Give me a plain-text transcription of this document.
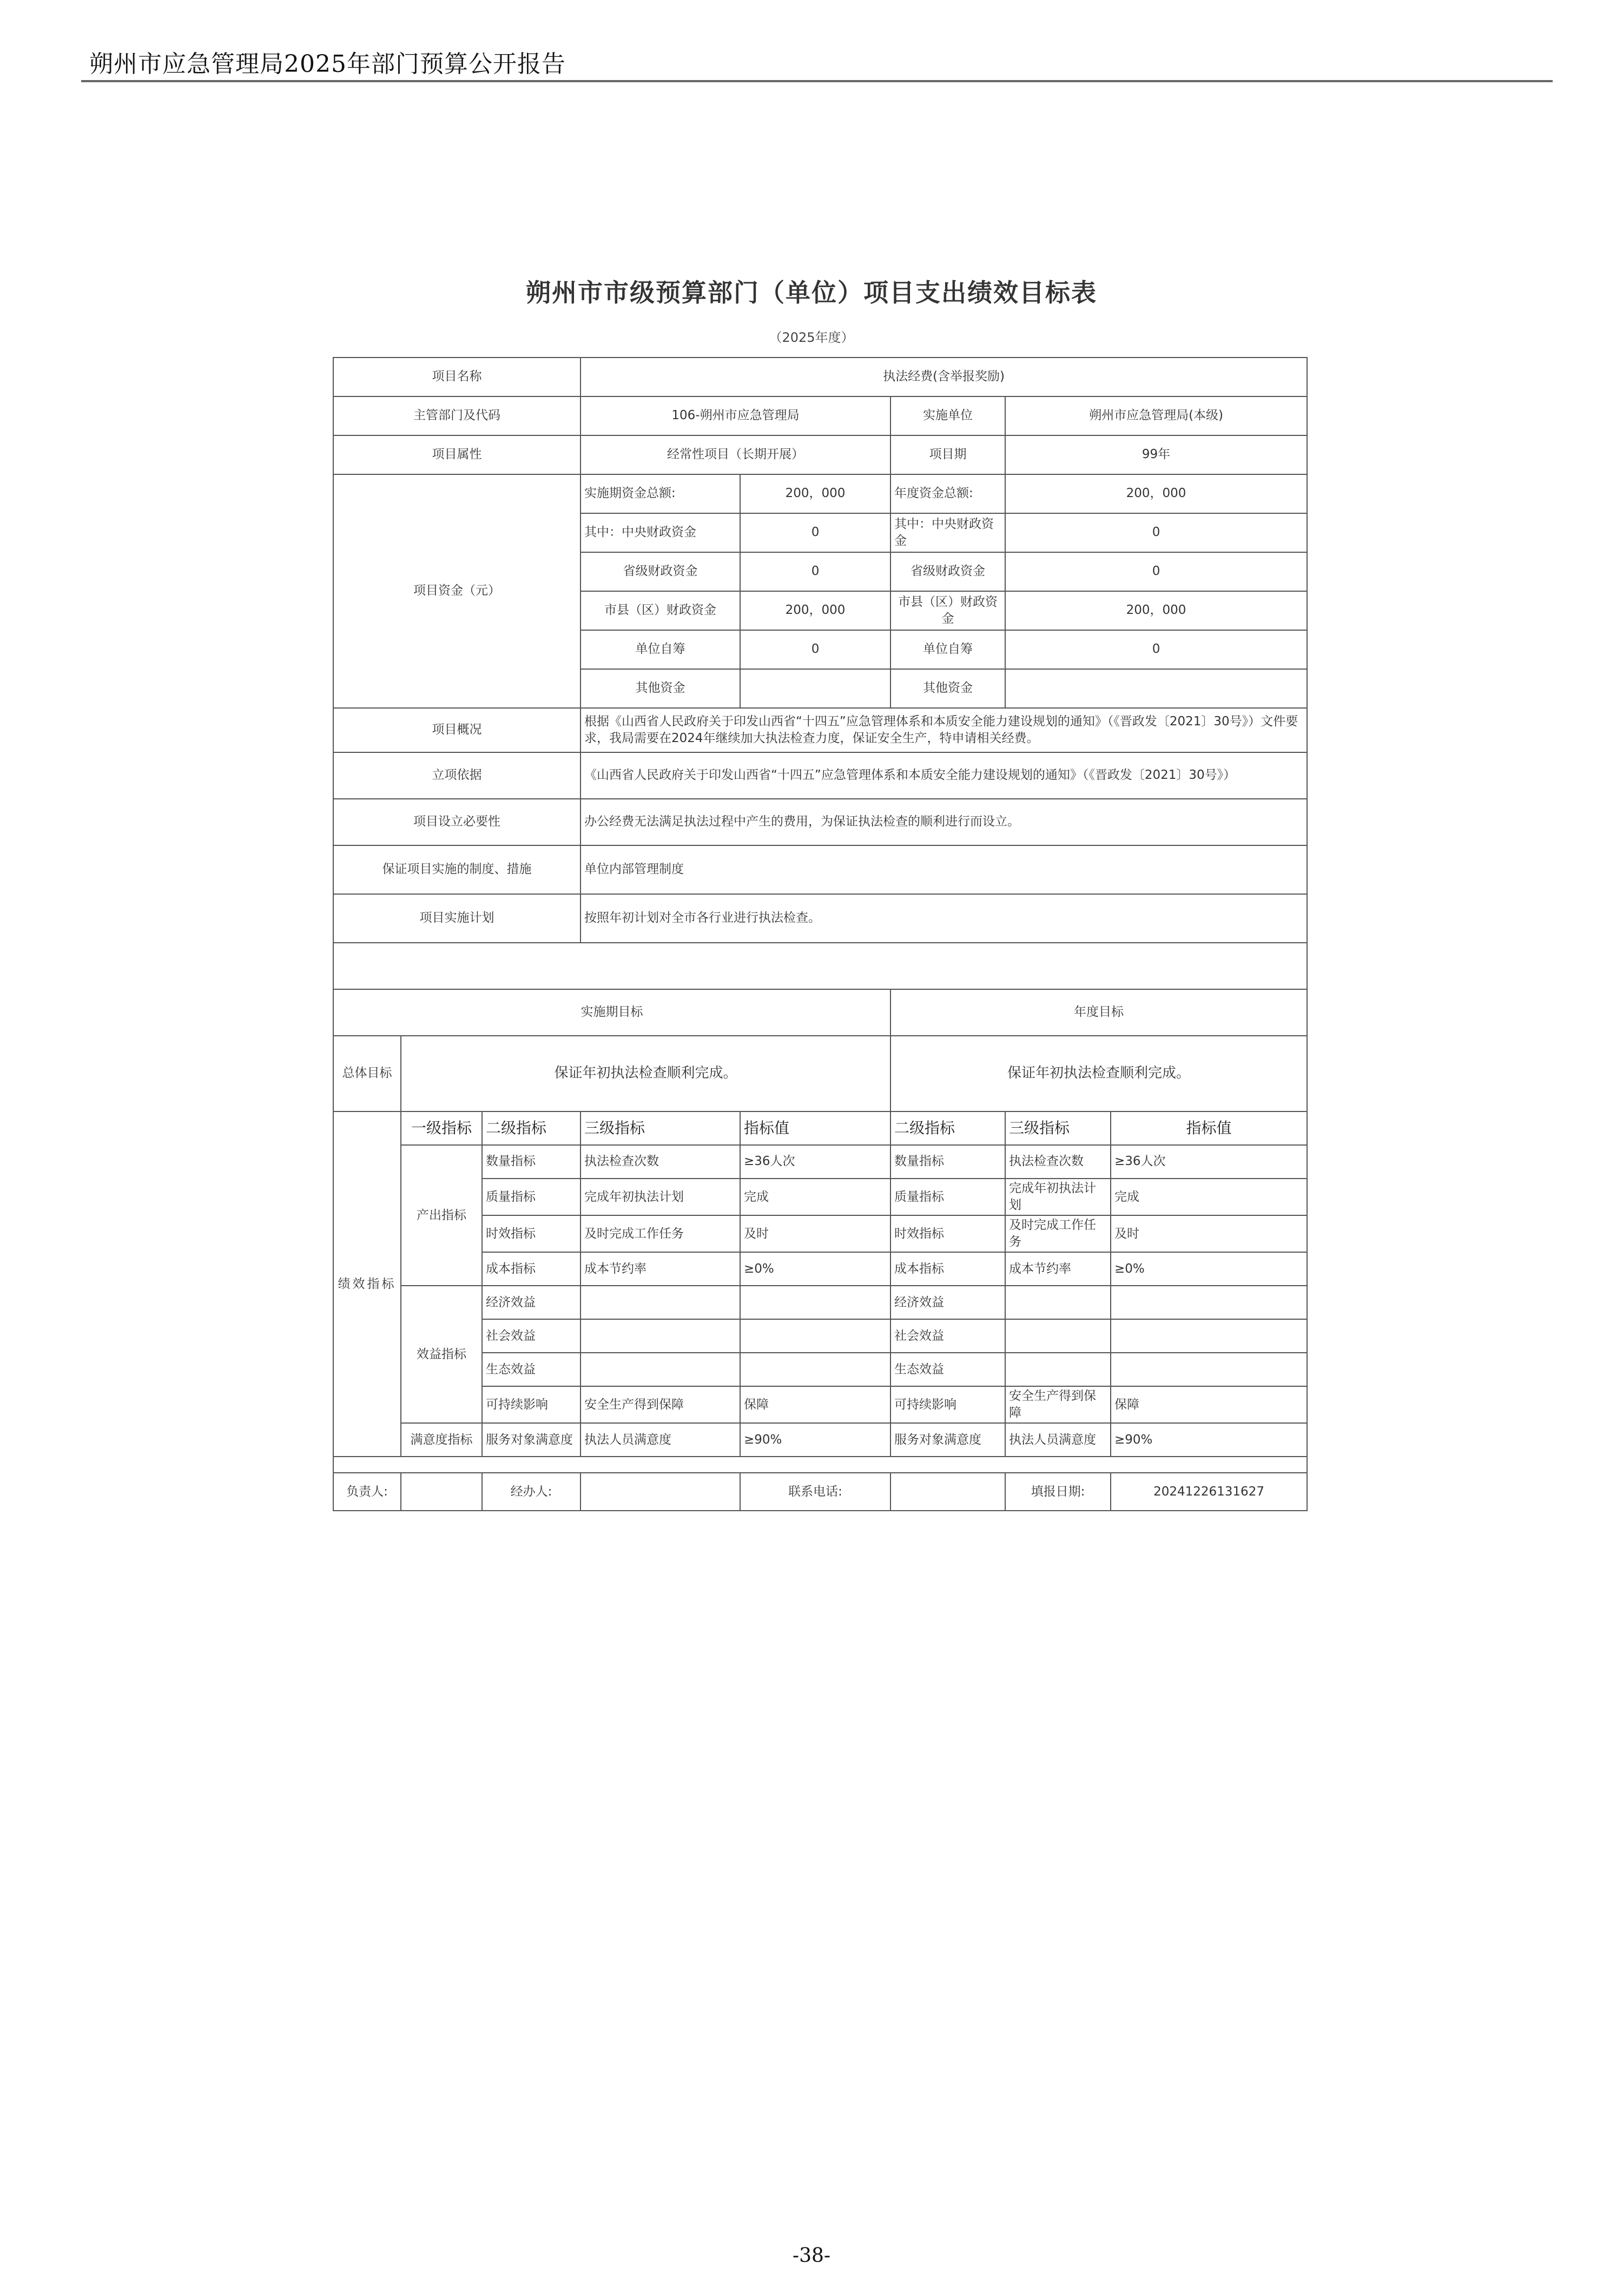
朔州市应急管理局2025年部门预算公开报告
朔州市市级预算部门（单位）项目支出绩效目标表
（2025年度）
项目名称			执法经费(含举报奖励)				
主管部门及代码			106-朔州市应急管理局		实施单位	朔州市应急管理局(本级)	
项目属性			经常性项目（长期开展）		项目期	99年	
项目资金（元）			实施期资金总额:	200，000	年度资金总额:	200，000	
			其中：中央财政资金	0	其中：中央财政资金	0	
			省级财政资金	0	省级财政资金	0	
			市县（区）财政资金	200，000	市县（区）财政资金	200，000	
			单位自筹	0	单位自筹	0	
			其他资金		其他资金		
项目概况			根据《山西省人民政府关于印发山西省“十四五”应急管理体系和本质安全能力建设规划的通知》（《晋政发〔2021〕30号》）文件要求，我局需要在2024年继续加大执法检查力度，保证安全生产，特申请相关经费。				

立项依据			《山西省人民政府关于印发山西省“十四五”应急管理体系和本质安全能力建设规划的通知》（《晋政发〔2021〕30号》）				

项目设立必要性			办公经费无法满足执法过程中产生的费用，为保证执法检查的顺利进行而设立。				
保证项目实施的制度、措施			单位内部管理制度				
项目实施计划			按照年初计划对全市各行业进行执法检查。				

实施期目标					年度目标		
总体目标	保证年初执法检查顺利完成。				保证年初执法检查顺利完成。		
绩效指标	一级指标	二级指标	三级指标	指标值	二级指标	三级指标	指标值
	产出指标	数量指标	执法检查次数	≥36人次	数量指标	执法检查次数	≥36人次
		质量指标	完成年初执法计划	完成	质量指标	完成年初执法计划	完成
		时效指标	及时完成工作任务	及时	时效指标	及时完成工作任务	及时
		成本指标	成本节约率	≥0%	成本指标	成本节约率	≥0%
	效益指标	经济效益			经济效益		
		社会效益			社会效益		
		生态效益			生态效益		
		可持续影响	安全生产得到保障	保障	可持续影响	安全生产得到保障	保障
	满意度指标	服务对象满意度	执法人员满意度	≥90%	服务对象满意度	执法人员满意度	≥90%

负责人:		经办人:		联系电话:		填报日期:	20241226131627
-38-
